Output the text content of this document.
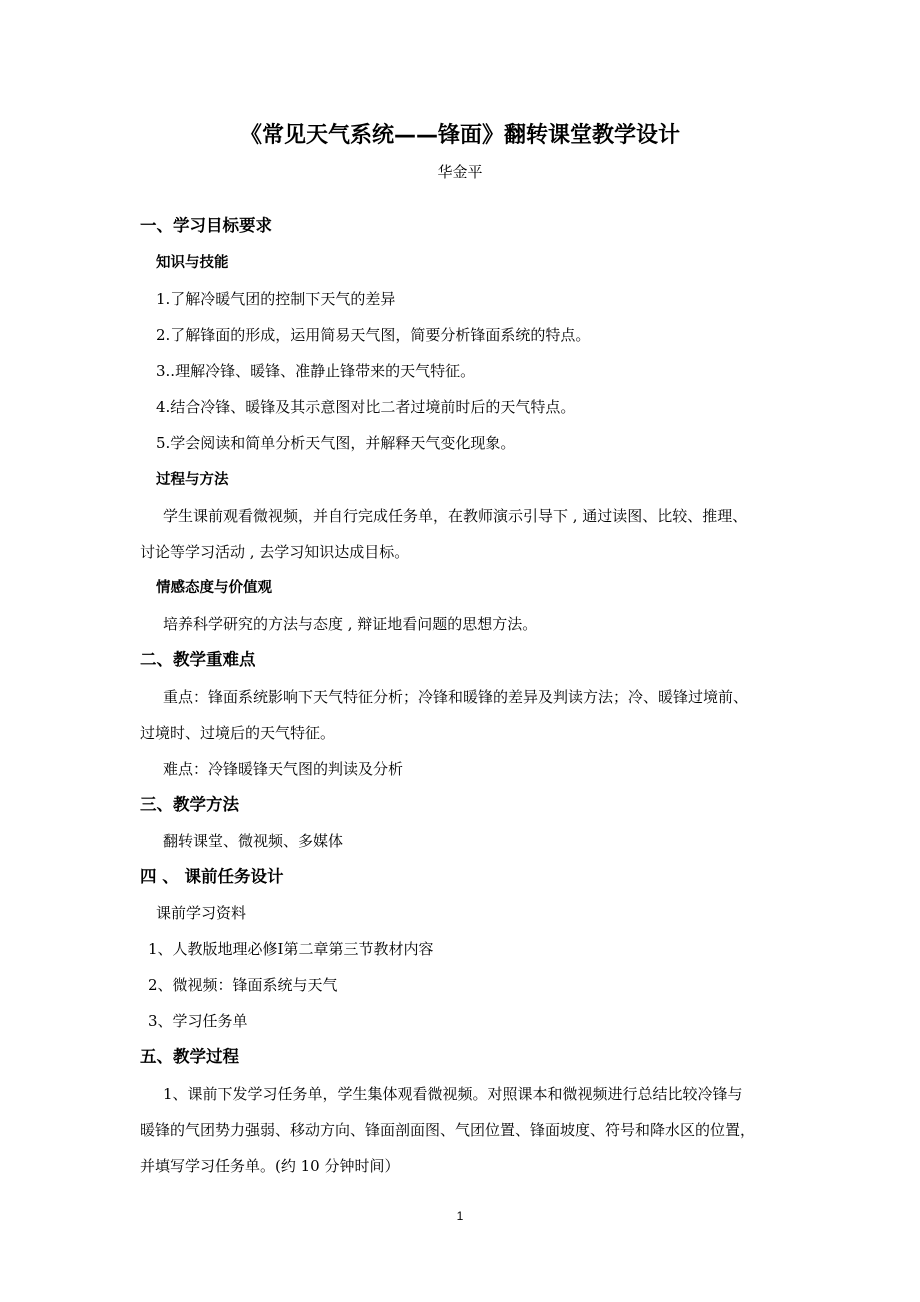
《常见天气系统——锋面》翻转课堂教学设计
华金平
一、学习目标要求
知识与技能
1.了解冷暖气团的控制下天气的差异
2.了解锋面的形成，运用简易天气图，简要分析锋面系统的特点。
3..理解冷锋、暖锋、准静止锋带来的天气特征。
4.结合冷锋、暖锋及其示意图对比二者过境前时后的天气特点。
5.学会阅读和简单分析天气图，并解释天气变化现象。
过程与方法
学生课前观看微视频，并自行完成任务单，在教师演示引导下 , 通过读图、比较、推理、
讨论等学习活动 , 去学习知识达成目标。
情感态度与价值观
培养科学研究的方法与态度 , 辩证地看问题的思想方法。
二、教学重难点
重点：锋面系统影响下天气特征分析；冷锋和暖锋的差异及判读方法；冷、暖锋过境前、
过境时、过境后的天气特征。
难点：冷锋暖锋天气图的判读及分析
三、教学方法
翻转课堂、微视频、多媒体
四 、 课前任务设计
课前学习资料
1、人教版地理必修Ⅰ第二章第三节教材内容
2、微视频：锋面系统与天气
3、学习任务单
五、教学过程
1、课前下发学习任务单，学生集体观看微视频。对照课本和微视频进行总结比较冷锋与
暖锋的气团势力强弱、移动方向、锋面剖面图、气团位置、锋面坡度、符号和降水区的位置，
并填写学习任务单。(约 10 分钟时间）
1
